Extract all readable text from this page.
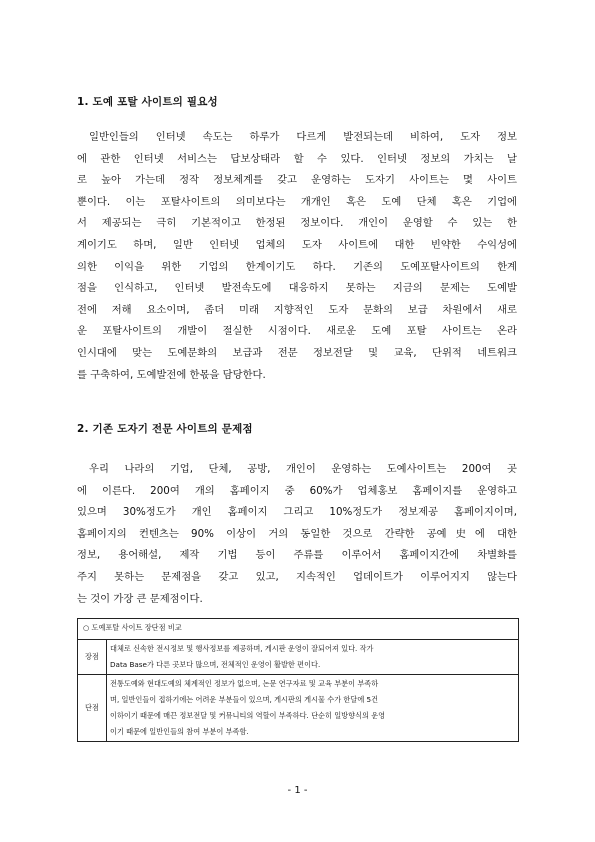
1. 도예 포탈 사이트의 필요성

일반인들의 인터넷 속도는 하루가 다르게 발전되는데 비하여, 도자 정보
에 관한 인터넷 서비스는 답보상태라 할 수 있다. 인터넷 정보의 가치는 날
로 높아 가는데 정작 정보체계를 갖고 운영하는 도자기 사이트는 몇 사이트
뿐이다. 이는 포탈사이트의 의미보다는 개개인 혹은 도예 단체 혹은 기업에
서 제공되는 극히 기본적이고 한정된 정보이다. 개인이 운영할 수 있는 한
계이기도 하며, 일반 인터넷 업체의 도자 사이트에 대한 빈약한 수익성에
의한 이익을 위한 기업의 한계이기도 하다. 기존의 도예포탈사이트의 한계
점을 인식하고, 인터넷 발전속도에 대응하지 못하는 지금의 문제는 도예발
전에 저해 요소이며, 좀더 미래 지향적인 도자 문화의 보급 차원에서 새로
운 포탈사이트의 개발이 절실한 시점이다. 새로운 도예 포탈 사이트는 온라
인시대에 맞는 도예문화의 보급과 전문 정보전달 및 교육, 단위적 네트워크
를 구축하여, 도예발전에 한몫을 담당한다.

2. 기존 도자기 전문 사이트의 문제점

우리 나라의 기업, 단체, 공방, 개인이 운영하는 도예사이트는 200여 곳
에 이른다. 200여 개의 홈페이지 중 60%가 업체홍보 홈페이지를 운영하고
있으며 30%정도가 개인 홈페이지 그리고 10%정도가 정보제공 홈페이지이며,
홈페이지의 컨텐츠는 90% 이상이 거의 동일한 것으로 간략한 공예史에 대한
정보, 용어해설, 제작 기법 등이 주류를 이루어서 홈페이지간에 차별화를
주지 못하는 문제점을 갖고 있고, 지속적인 업데이트가 이루어지지 않는다
는 것이 가장 큰 문제점이다.

○ 도예포탈 사이트 장단점 비교	
장점	대체로 신속한 전시정보 및 행사정보를 제공하며, 게시판 운영이 잘되어져 있다. 작가
Data Base가 다른 곳보다 많으며, 전체적인 운영이 활발한 편이다.

단점	전통도예와 현대도예의 체계적인 정보가 없으며, 논문 연구자료 및 교육 부분이 부족하
며, 일반인들이 접하기에는 어려운 부분들이 있으며, 게시판의 게시물 수가 한달에 5건
이하이기 때문에 매끈 정보전달 및 커뮤니티의 역할이 부족하다. 단순히 일방향식의 운영
이기 때문에 일반인들의 참여 부분이 부족함.
- 1 -
